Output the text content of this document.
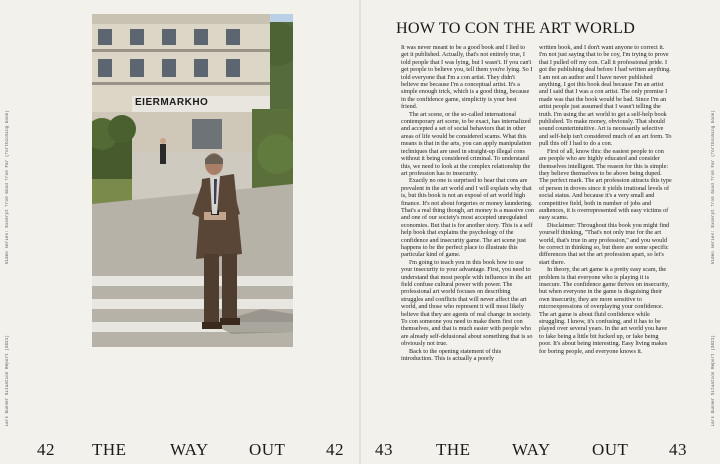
Video series: Excerpt from Good from Far (forthcoming book)
Lars Gunner Situation Report (2021)
EIERMARKHO
42 THE	WAY OUT 42
HOW TO CON THE ART WORLD

It was never meant to be a good book and I lied to get it published. Actually, that's not entirely true, I told people that I was lying, but I wasn't. If you can't get people to believe you, tell them you're lying. So I told everyone that I'm a con artist. They didn't believe me because I'm a conceptual artist. It's a simple enough trick, which is a good thing, because in the confidence game, simplicity is your best friend.

The art scene, or the so-called international contemporary art scene, to be exact, has internalized and accepted a set of social behaviors that in other areas of life would be considered scams. What this means is that in the arts, you can apply manipulation techniques that are used in straight-up illegal cons without it being considered criminal. To understand this, we need to look at the complex relationship the art profession has to insecurity.

Exactly no one is surprised to hear that cons are prevalent in the art world and I will explain why that is, but this book is not an exposé of art world high finance. It's not about forgeries or money laundering. That's a real thing though, art money is a massive con and one of our society's most accepted unregulated economies. But that is for another story. This is a self help book that explains the psychology of the confidence and insecurity game. The art scene just happens to be the perfect place to illustrate this particular kind of game.

I'm going to teach you in this book how to use your insecurity to your advantage. First, you need to understand that most people with influence in the art field confuse cultural power with power. The professional art world focuses on describing struggles and conflicts that will never affect the art world, and those who represent it will most likely believe that they are agents of real change in society. To con someone you need to make them first con themselves, and that is much easier with people who are already self-delusional about something that is so obviously not true.

Back to the opening statement of this introduction. This is actually a poorly

written book, and I don't want anyone to correct it. I'm not just saying that to be coy, I'm trying to prove that I pulled off my con. Call it professional pride. I got the publishing deal before I had written anything. I am not an author and I have never published anything. I got this book deal because I'm an artist and I said that I was a con artist. The only premise I made was that the book would be bad. Since I'm an artist people just assumed that I wasn't telling the truth. I'm using the art world to get a self-help book published. To make money, obviously. That should sound counterintuitive. Art is necessarily selective and self-help isn't considered much of an art form. To pull this off I had to do a con.

First of all, know this: the easiest people to con are people who are highly educated and consider themselves intelligent. The reason for this is simple: they believe themselves to be above being duped. The perfect mark. The art profession attracts this type of person in droves since it yields irrational levels of social status. And because it's a very small and competitive field, both in number of jobs and audiences, it is overrepresented with easy victims of easy scams.

Disclaimer: Throughout this book you might find yourself thinking, "That's not only true for the art world, that's true in any profession," and you would be correct in thinking so, but there are some specific differences that set the art profession apart, so let's start there.

In theory, the art game is a pretty easy scam, the problem is that everyone who is playing it is insecure. The confidence game thrives on insecurity, but when everyone in the game is disguising their own insecurity, they are more sensitive to microexpressions of overplaying your confidence. The art game is about fluid confidence while struggling. I know, it's confusing, and it has to be played over several years. In the art world you have to fake being a little bit fucked up, or fake being poor. It's about being interesting. Easy living makes for boring people, and everyone knows it.

Video series: Excerpt from Good from Far (forthcoming book)
Lars Gunner Situation Report (2021)
43	THE WAY OUT 43
